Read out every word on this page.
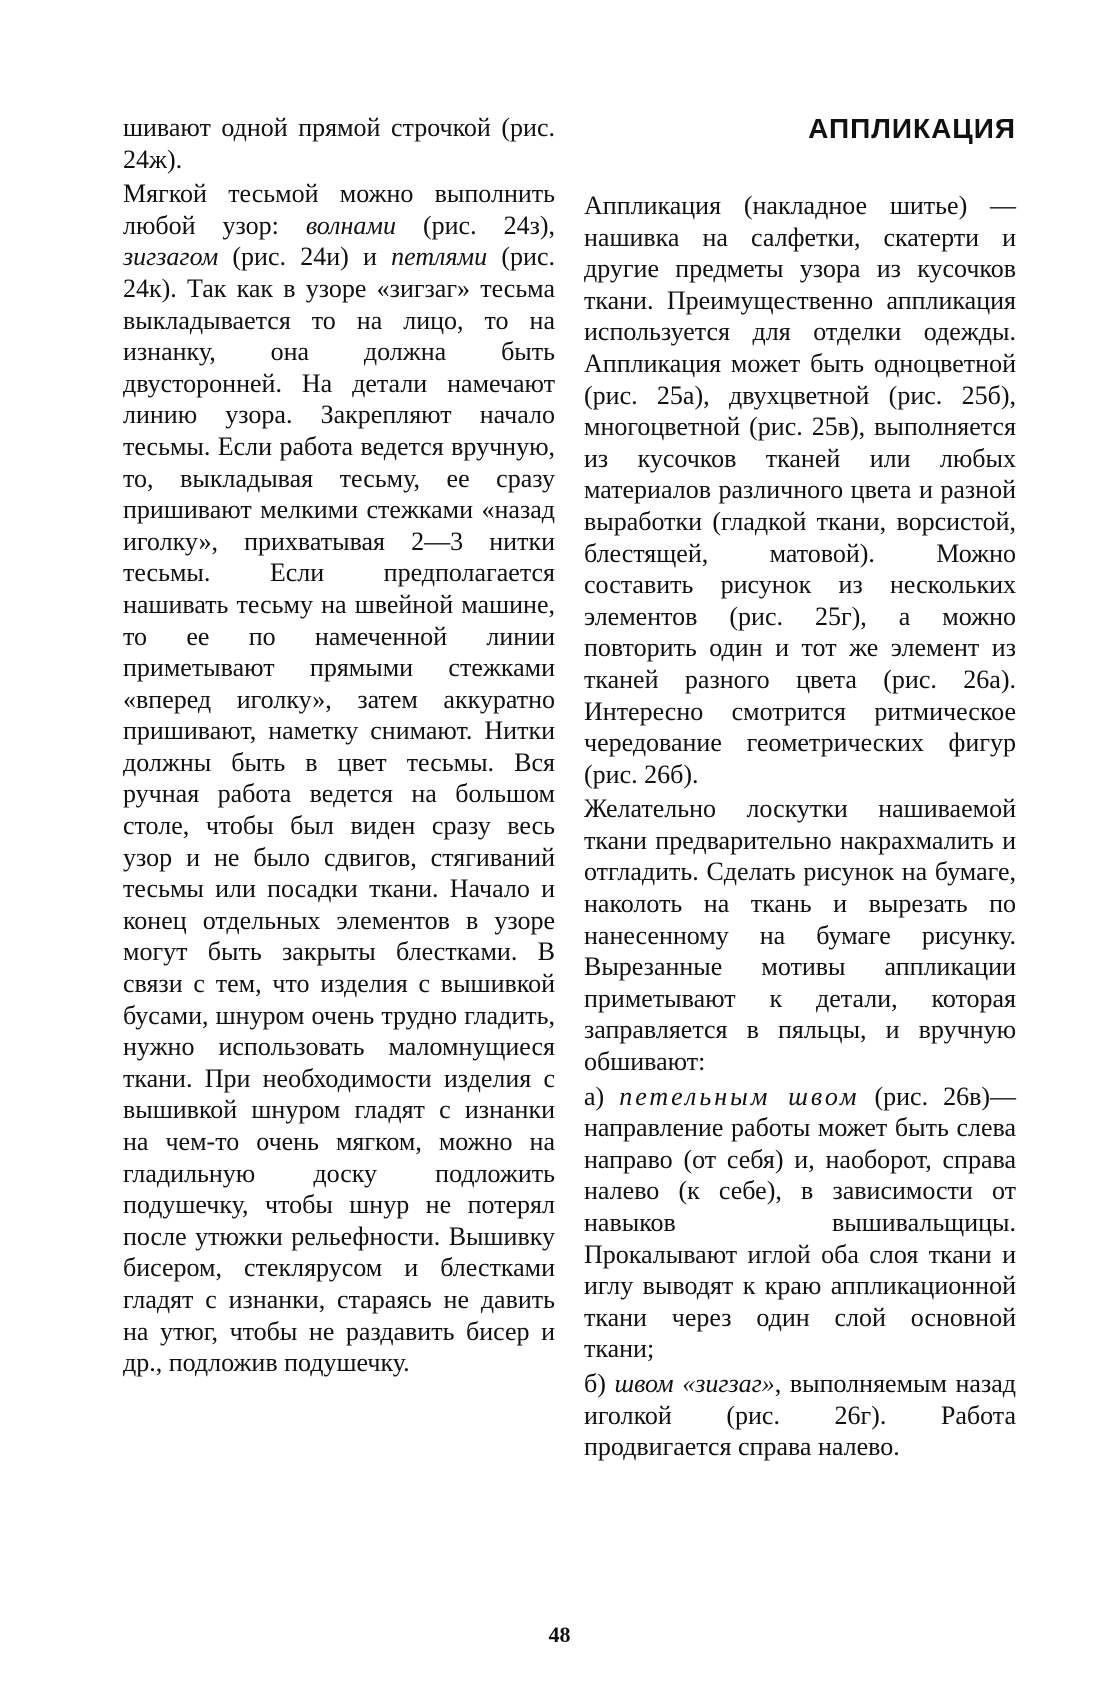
шивают одной прямой строчкой (рис. 24ж).

Мягкой тесьмой можно выполнить любой узор: волнами (рис. 24з), зигзагом (рис. 24и) и петлями (рис. 24к). Так как в узоре «зигзаг» тесьма выкладывается то на лицо, то на изнанку, она должна быть двусторонней. На детали намечают линию узора. Закрепляют начало тесьмы. Если работа ведется вручную, то, выкладывая тесьму, ее сразу пришивают мелкими стежками «назад иголку», прихватывая 2—3 нитки тесьмы. Если предполагается нашивать тесьму на швейной машине, то ее по намеченной линии приметывают прямыми стежками «вперед иголку», затем аккуратно пришивают, наметку снимают. Нитки должны быть в цвет тесьмы. Вся ручная работа ведется на большом столе, чтобы был виден сразу весь узор и не было сдвигов, стягиваний тесьмы или посадки ткани. Начало и конец отдельных элементов в узоре могут быть закрыты блестками. В связи с тем, что изделия с вышивкой бусами, шнуром очень трудно гладить, нужно использовать маломнущиеся ткани. При необходимости изделия с вышивкой шнуром гладят с изнанки на чем-то очень мягком, можно на гладильную доску подложить подушечку, чтобы шнур не потерял после утюжки рельефности. Вышивку бисером, стеклярусом и блестками гладят с изнанки, стараясь не давить на утюг, чтобы не раздавить бисер и др., подложив подушечку.

АППЛИКАЦИЯ

Аппликация (накладное шитье) — нашивка на салфетки, скатерти и другие предметы узора из кусочков ткани. Преимущественно аппликация используется для отделки одежды. Аппликация может быть одноцветной (рис. 25а), двухцветной (рис. 25б), многоцветной (рис. 25в), выполняется из кусочков тканей или любых материалов различного цвета и разной выработки (гладкой ткани, ворсистой, блестящей, матовой). Можно составить рисунок из нескольких элементов (рис. 25г), а можно повторить один и тот же элемент из тканей разного цвета (рис. 26а). Интересно смотрится ритмическое чередование геометрических фигур (рис. 26б).

Желательно лоскутки нашиваемой ткани предварительно накрахмалить и отгладить. Сделать рисунок на бумаге, наколоть на ткань и вырезать по нанесенному на бумаге рисунку. Вырезанные мотивы аппликации приметывают к детали, которая заправляется в пяльцы, и вручную обшивают:

а) петельным швом (рис. 26в)— направление работы может быть слева направо (от себя) и, наоборот, справа налево (к себе), в зависимости от навыков вышивальщицы. Прокалывают иглой оба слоя ткани и иглу выводят к краю аппликационной ткани через один слой основной ткани;

б) швом «зигзаг», выполняемым назад иголкой (рис. 26г). Работа продвигается справа налево.

48
